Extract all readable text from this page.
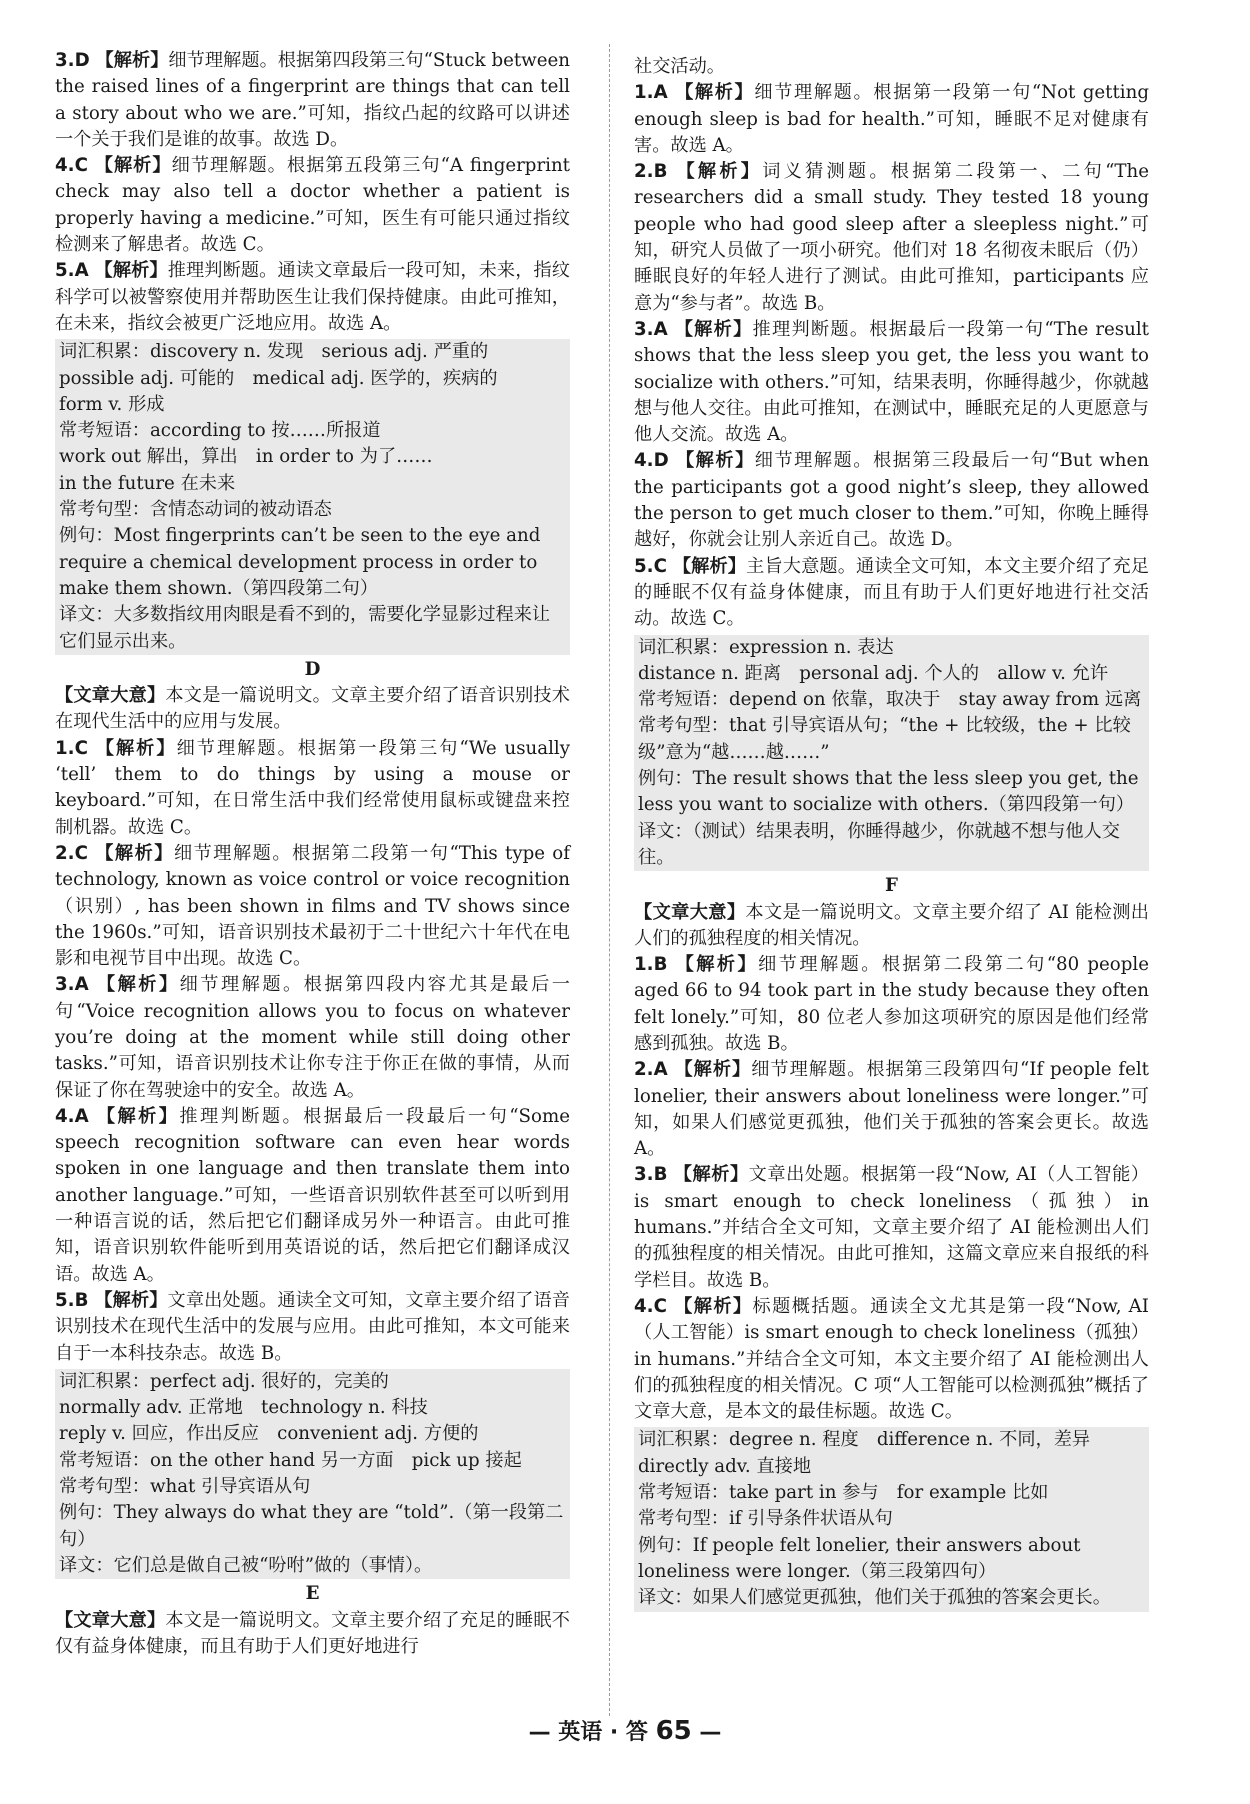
3.D 【解析】细节理解题。根据第四段第三句“Stuck between the raised lines of a fingerprint are things that can tell a story about who we are.”可知，指纹凸起的纹路可以讲述一个关于我们是谁的故事。故选 D。

4.C 【解析】细节理解题。根据第五段第三句“A fingerprint check may also tell a doctor whether a patient is properly having a medicine.”可知，医生有可能只通过指纹检测来了解患者。故选 C。

5.A 【解析】推理判断题。通读文章最后一段可知，未来，指纹科学可以被警察使用并帮助医生让我们保持健康。由此可推知，在未来，指纹会被更广泛地应用。故选 A。

词汇积累：discovery n. 发现　serious adj. 严重的

possible adj. 可能的　medical adj. 医学的，疾病的

form v. 形成

常考短语：according to 按……所报道

work out 解出，算出　in order to 为了……

in the future 在未来

常考句型：含情态动词的被动语态

例句：Most fingerprints can’t be seen to the eye and require a chemical development process in order to make them shown.（第四段第二句）

译文：大多数指纹用肉眼是看不到的，需要化学显影过程来让它们显示出来。

D

【文章大意】本文是一篇说明文。文章主要介绍了语音识别技术在现代生活中的应用与发展。

1.C 【解析】细节理解题。根据第一段第三句“We usually ‘tell’ them to do things by using a mouse or keyboard.”可知，在日常生活中我们经常使用鼠标或键盘来控制机器。故选 C。

2.C 【解析】细节理解题。根据第二段第一句“This type of technology, known as voice control or voice recognition（识别）, has been shown in films and TV shows since the 1960s.”可知，语音识别技术最初于二十世纪六十年代在电影和电视节目中出现。故选 C。

3.A 【解析】细节理解题。根据第四段内容尤其是最后一句“Voice recognition allows you to focus on whatever you’re doing at the moment while still doing other tasks.”可知，语音识别技术让你专注于你正在做的事情，从而保证了你在驾驶途中的安全。故选 A。

4.A 【解析】推理判断题。根据最后一段最后一句“Some speech recognition software can even hear words spoken in one language and then translate them into another language.”可知，一些语音识别软件甚至可以听到用一种语言说的话，然后把它们翻译成另外一种语言。由此可推知，语音识别软件能听到用英语说的话，然后把它们翻译成汉语。故选 A。

5.B 【解析】文章出处题。通读全文可知，文章主要介绍了语音识别技术在现代生活中的发展与应用。由此可推知，本文可能来自于一本科技杂志。故选 B。

词汇积累：perfect adj. 很好的，完美的

normally adv. 正常地　technology n. 科技

reply v. 回应，作出反应　convenient adj. 方便的

常考短语：on the other hand 另一方面　pick up 接起

常考句型：what 引导宾语从句

例句：They always do what they are “told”.（第一段第二句）

译文：它们总是做自己被“吩咐”做的（事情）。

E

【文章大意】本文是一篇说明文。文章主要介绍了充足的睡眠不仅有益身体健康，而且有助于人们更好地进行

社交活动。

1.A 【解析】细节理解题。根据第一段第一句“Not getting enough sleep is bad for health.”可知，睡眠不足对健康有害。故选 A。

2.B 【解析】词义猜测题。根据第二段第一、二句“The researchers did a small study. They tested 18 young people who had good sleep after a sleepless night.”可知，研究人员做了一项小研究。他们对 18 名彻夜未眠后（仍）睡眠良好的年轻人进行了测试。由此可推知，participants 应意为“参与者”。故选 B。

3.A 【解析】推理判断题。根据最后一段第一句“The result shows that the less sleep you get, the less you want to socialize with others.”可知，结果表明，你睡得越少，你就越想与他人交往。由此可推知，在测试中，睡眠充足的人更愿意与他人交流。故选 A。

4.D 【解析】细节理解题。根据第三段最后一句“But when the participants got a good night’s sleep, they allowed the person to get much closer to them.”可知，你晚上睡得越好，你就会让别人亲近自己。故选 D。

5.C 【解析】主旨大意题。通读全文可知，本文主要介绍了充足的睡眠不仅有益身体健康，而且有助于人们更好地进行社交活动。故选 C。

词汇积累：expression n. 表达

distance n. 距离　personal adj. 个人的　allow v. 允许

常考短语：depend on 依靠，取决于　stay away from 远离

常考句型：that 引导宾语从句；“the + 比较级，the + 比较级”意为“越……越……”

例句：The result shows that the less sleep you get, the less you want to socialize with others.（第四段第一句）

译文：（测试）结果表明，你睡得越少，你就越不想与他人交往。

F

【文章大意】本文是一篇说明文。文章主要介绍了 AI 能检测出人们的孤独程度的相关情况。

1.B 【解析】细节理解题。根据第二段第二句“80 people aged 66 to 94 took part in the study because they often felt lonely.”可知，80 位老人参加这项研究的原因是他们经常感到孤独。故选 B。

2.A 【解析】细节理解题。根据第三段第四句“If people felt lonelier, their answers about loneliness were longer.”可知，如果人们感觉更孤独，他们关于孤独的答案会更长。故选 A。

3.B 【解析】文章出处题。根据第一段“Now, AI（人工智能）is smart enough to check loneliness（孤独）in humans.”并结合全文可知，文章主要介绍了 AI 能检测出人们的孤独程度的相关情况。由此可推知，这篇文章应来自报纸的科学栏目。故选 B。

4.C 【解析】标题概括题。通读全文尤其是第一段“Now, AI（人工智能）is smart enough to check loneliness（孤独）in humans.”并结合全文可知，本文主要介绍了 AI 能检测出人们的孤独程度的相关情况。C 项“人工智能可以检测孤独”概括了文章大意，是本文的最佳标题。故选 C。

词汇积累：degree n. 程度　difference n. 不同，差异

directly adv. 直接地

常考短语：take part in 参与　for example 比如

常考句型：if 引导条件状语从句

例句：If people felt lonelier, their answers about loneliness were longer.（第三段第四句）

译文：如果人们感觉更孤独，他们关于孤独的答案会更长。

— 英语 · 答 65 —
